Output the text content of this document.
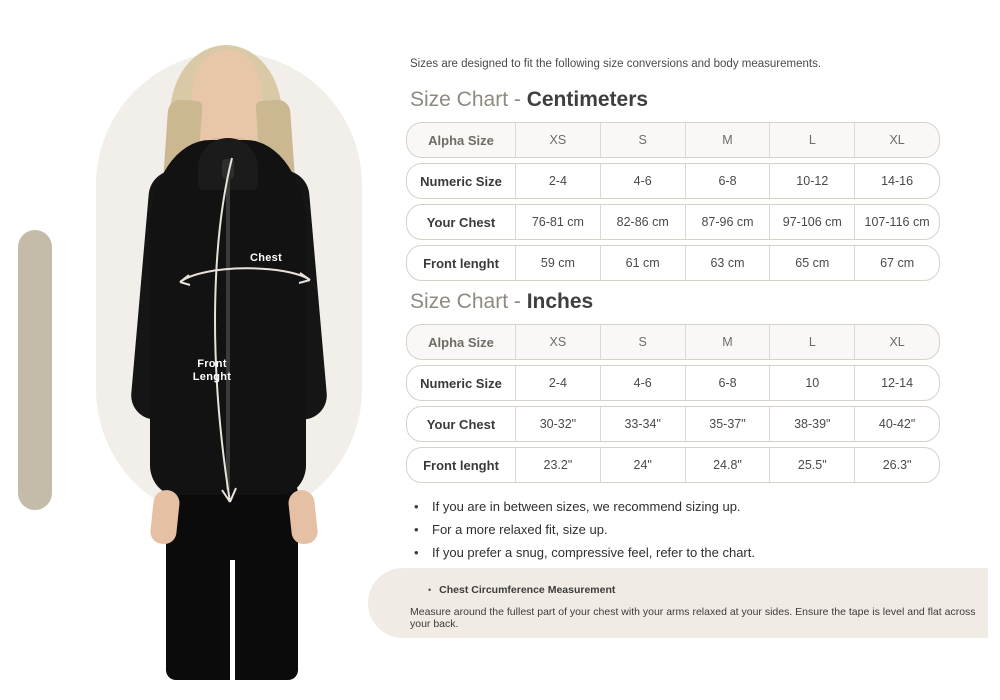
Chest
Front
Lenght
Sizes are designed to fit the following size conversions and body measurements.
Size Chart - Centimeters
Alpha Size	XS	S	M	L	XL
Numeric Size	2-4	4-6	6-8	10-12	14-16
Your Chest	76-81 cm	82-86 cm	87-96 cm	97-106 cm	107-116 cm
Front lenght	59 cm	61 cm	63 cm	65 cm	67 cm
Size Chart - Inches
Alpha Size	XS	S	M	L	XL
Numeric Size	2-4	4-6	6-8	10	12-14
Your Chest	30-32"	33-34"	35-37"	38-39"	40-42"
Front lenght	23.2"	24"	24.8"	25.5"	26.3"
•	If you are in between sizes, we recommend sizing up.
•	For a more relaxed fit, size up.
•	If you prefer a snug, compressive feel, refer to the chart.
• Chest Circumference Measurement
Measure around the fullest part of your chest with your arms relaxed at your sides. Ensure the tape is level and flat across your back.
